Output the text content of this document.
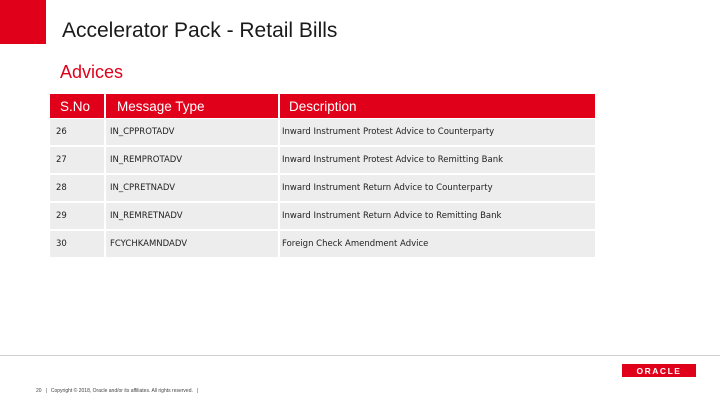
Accelerator Pack - Retail Bills
Advices
S.No	Message Type	Description
26	IN_CPPROTADV	Inward Instrument Protest Advice to Counterparty
27	IN_REMPROTADV	Inward Instrument Protest Advice to Remitting Bank
28	IN_CPRETNADV	Inward Instrument Return Advice to Counterparty
29	IN_REMRETNADV	Inward Instrument Return Advice to Remitting Bank
30	FCYCHKAMNDADV	Foreign Check Amendment Advice
ORACLE
20 | Copyright © 2018, Oracle and/or its affiliates. All rights reserved. |
